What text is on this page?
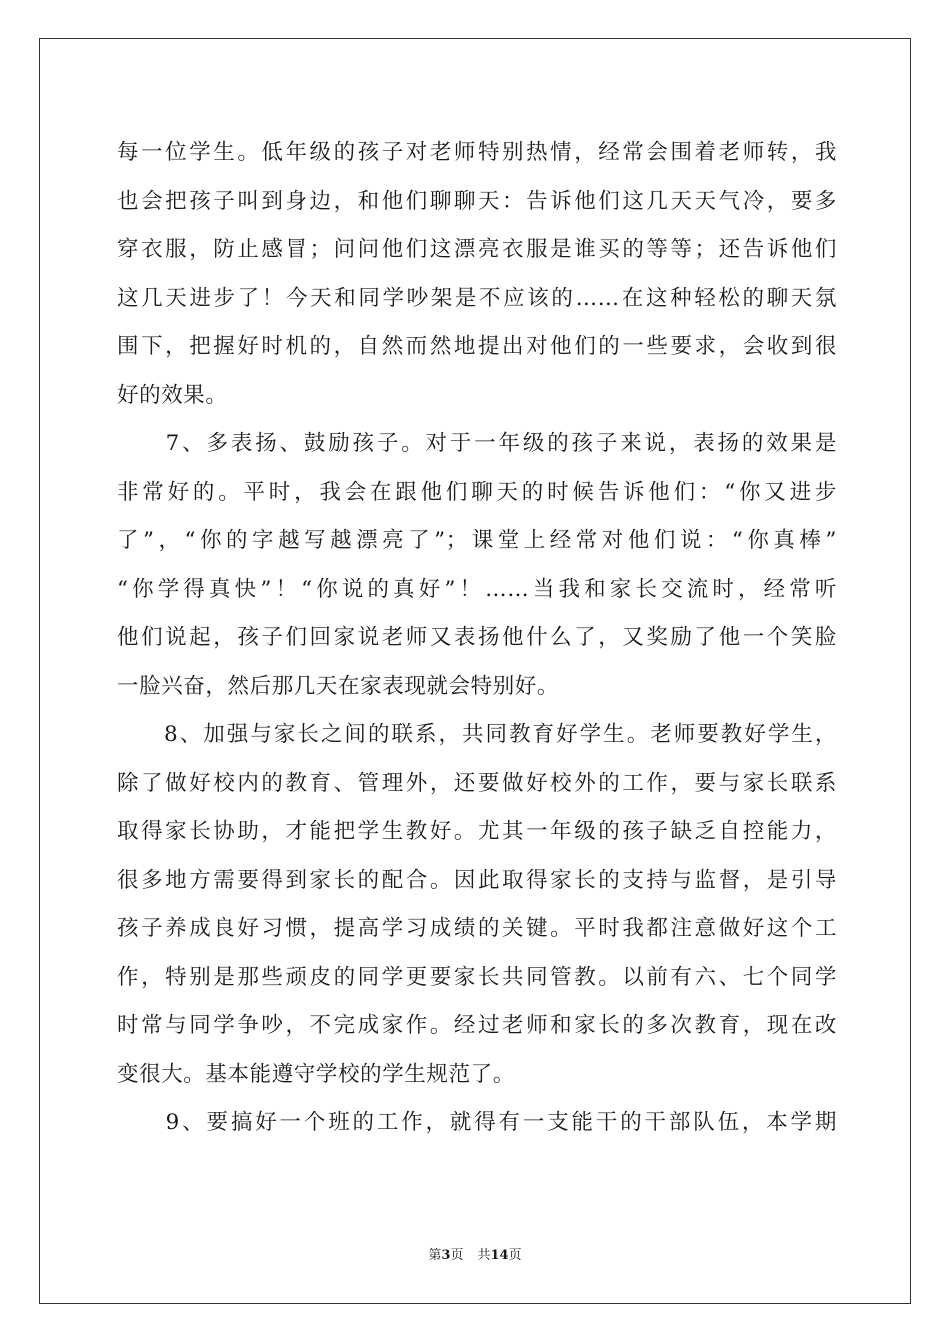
每一位学生。低年级的孩子对老师特别热情，经常会围着老师转，我
也会把孩子叫到身边，和他们聊聊天：告诉他们这几天天气冷，要多
穿衣服，防止感冒；问问他们这漂亮衣服是谁买的等等；还告诉他们
这几天进步了！今天和同学吵架是不应该的……在这种轻松的聊天氛
围下，把握好时机的，自然而然地提出对他们的一些要求，会收到很
好的效果。
　　7、多表扬、鼓励孩子。对于一年级的孩子来说，表扬的效果是
非常好的。平时，我会在跟他们聊天的时候告诉他们：“你又进步
了”，“你的字越写越漂亮了”；课堂上经常对他们说：“你真棒”
“你学得真快”！“你说的真好”！……当我和家长交流时，经常听
他们说起，孩子们回家说老师又表扬他什么了，又奖励了他一个笑脸
一脸兴奋，然后那几天在家表现就会特别好。
　　8、加强与家长之间的联系，共同教育好学生。老师要教好学生，
除了做好校内的教育、管理外，还要做好校外的工作，要与家长联系
取得家长协助，才能把学生教好。尤其一年级的孩子缺乏自控能力，
很多地方需要得到家长的配合。因此取得家长的支持与监督，是引导
孩子养成良好习惯，提高学习成绩的关键。平时我都注意做好这个工
作，特别是那些顽皮的同学更要家长共同管教。以前有六、七个同学
时常与同学争吵，不完成家作。经过老师和家长的多次教育，现在改
变很大。基本能遵守学校的学生规范了。
　　9、要搞好一个班的工作，就得有一支能干的干部队伍，本学期
第3页 共14页
